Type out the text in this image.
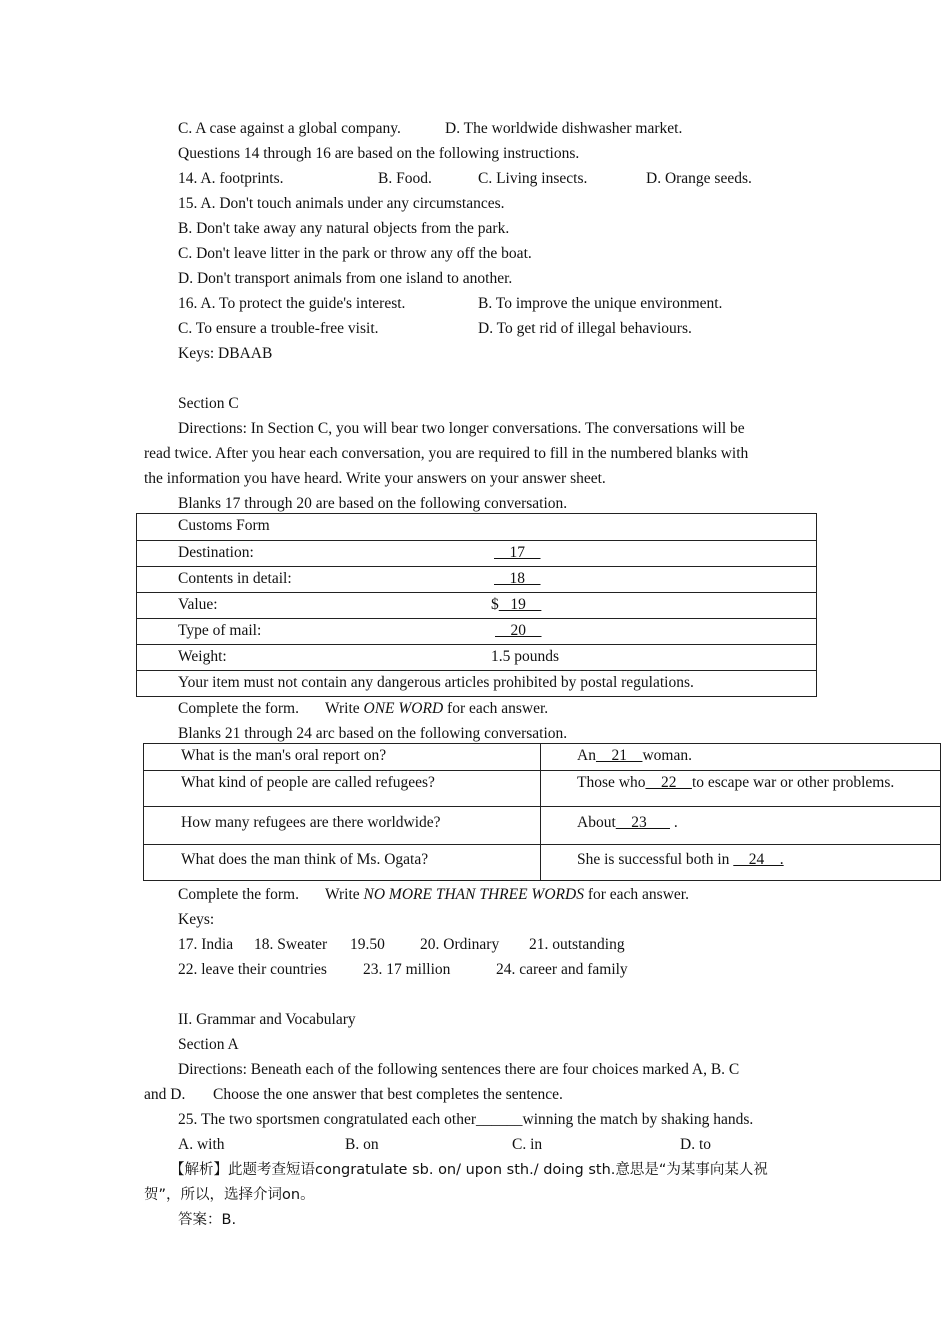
C. A case against a global company.	D. The worldwide dishwasher market.
Questions 14 through 16 are based on the following instructions.
14. A. footprints.	B. Food.	C. Living insects.	D. Orange seeds.
15. A. Don't touch animals under any circumstances.
B. Don't take away any natural objects from the park.
C. Don't leave litter in the park or throw any off the boat.
D. Don't transport animals from one island to another.
16. A. To protect the guide's interest.	B. To improve the unique environment.
C. To ensure a trouble-free visit.	D. To get rid of illegal behaviours.
Keys: DBAAB
Section C
Directions: In Section C, you will bear two longer conversations. The conversations will be
read twice. After you hear each conversation, you are required to fill in the numbered blanks with
the information you have heard. Write your answers on your answer sheet.
Blanks 17 through 20 are based on the following conversation.
Customs Form

Destination:	17

Contents in detail:	18

Value:	$   19

Type of mail:	20

Weight:	1.5 pounds

Your item must not contain any dangerous articles prohibited by postal regulations.
Complete the form. Write ONE WORD for each answer.
Blanks 21 through 24 arc based on the following conversation.
What is the man's oral report on?	An    21    woman.

What kind of people are called refugees?	Those who    22    to escape war or other problems.

How many refugees are there worldwide?	About    23       .

What does the man think of Ms. Ogata?	She is successful both in     24    .
Complete the form. Write NO MORE THAN THREE WORDS for each answer.
Keys:
17. India 18. Sweater 19.50 20. Ordinary 21. outstanding
22. leave their countries 23. 17 million	24. career and family
II. Grammar and Vocabulary
Section A
Directions: Beneath each of the following sentences there are four choices marked A, B. C
and D. Choose the one answer that best completes the sentence.
25. The two sportsmen congratulated each other______winning the match by shaking hands.
A. with	B. on	C. in	D. to
【解析】此题考查短语congratulate sb. on/ upon sth./ doing sth.意思是“为某事向某人祝
贺”，所以，选择介词on。
答案：B.
